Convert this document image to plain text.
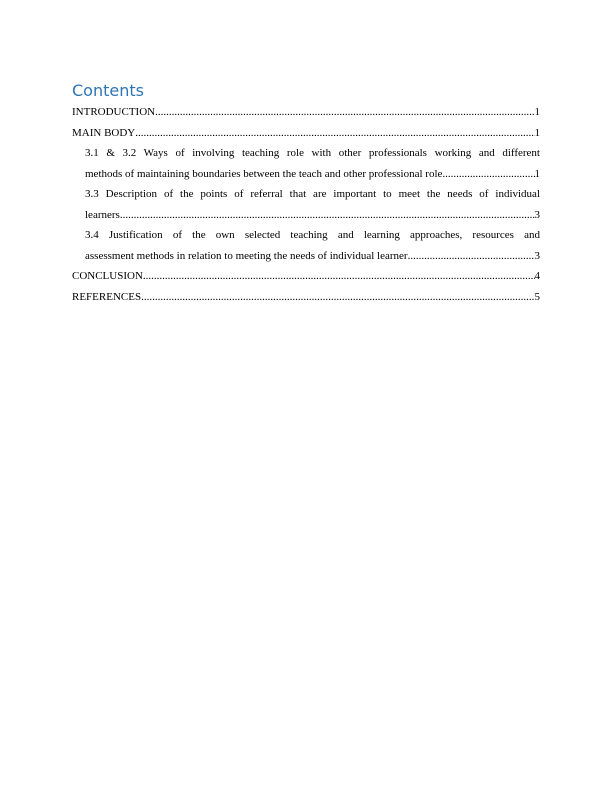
Contents
INTRODUCTION .....	1
MAIN BODY .....	1
3.1 & 3.2 Ways of involving teaching role with other professionals working and different
methods of maintaining boundaries between the teach and other professional role .....	1
3.3 Description of the points of referral that are important to meet the needs of individual
learners .....	3
3.4 Justification of the own selected teaching and learning approaches, resources and
assessment methods in relation to meeting the needs of individual learner .....	3
CONCLUSION .....	4
REFERENCES .....	5
